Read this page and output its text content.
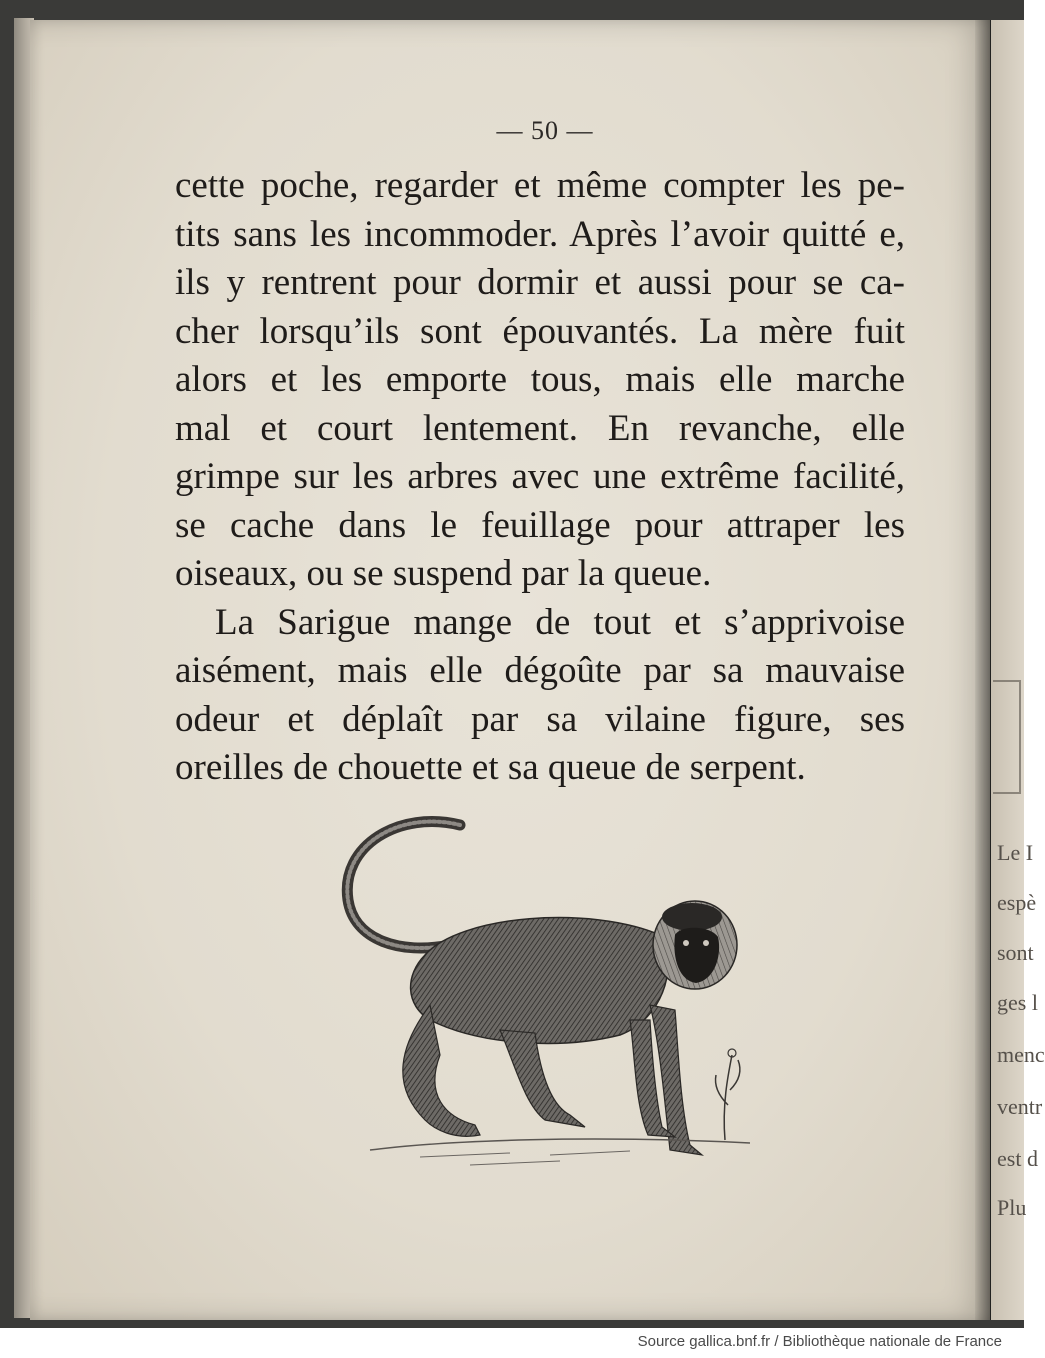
Le I
espè
sont
ges l
menc
ventr
est d
Plu
— 50 —
cette poche, regarder et même compter les pe-
tits sans les incommoder. Après l’avoir quitté e,
ils y rentrent pour dormir et aussi pour se ca-
cher lorsqu’ils sont épouvantés. La mère fuit
alors et les emporte tous, mais elle marche
mal et court lentement. En revanche, elle
grimpe sur les arbres avec une extrême facilité,
se cache dans le feuillage pour attraper les
oiseaux, ou se suspend par la queue.
La Sarigue mange de tout et s’apprivoise
aisément, mais elle dégoûte par sa mauvaise
odeur et déplaît par sa vilaine figure, ses
oreilles de chouette et sa queue de serpent.
Source gallica.bnf.fr / Bibliothèque nationale de France
